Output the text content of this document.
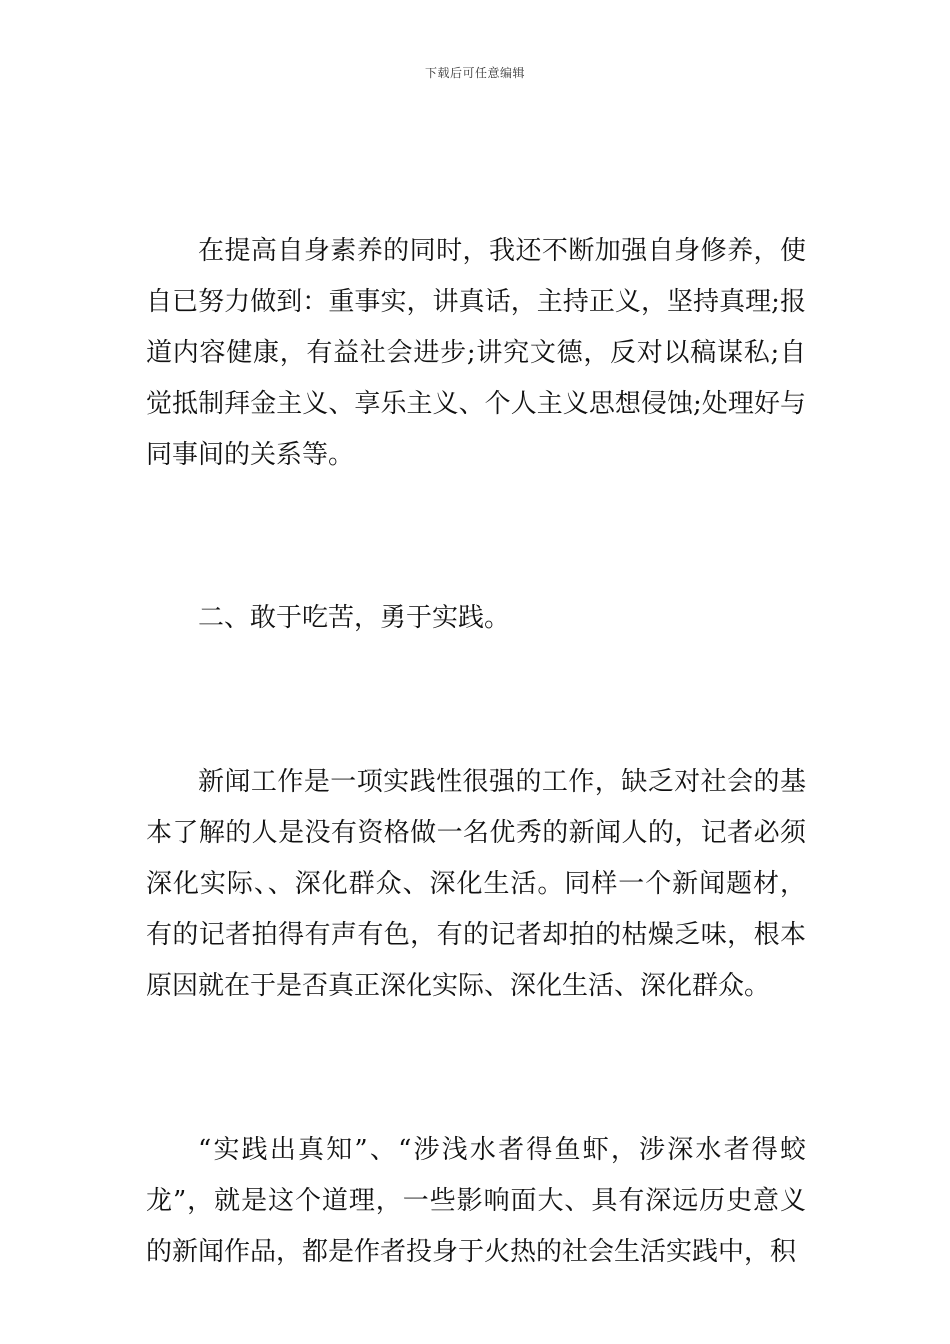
下载后可任意编辑

在提高自身素养的同时，我还不断加强自身修养，使自已努力做到：重事实，讲真话，主持正义，坚持真理;报道内容健康，有益社会进步;讲究文德，反对以稿谋私;自觉抵制拜金主义、享乐主义、个人主义思想侵蚀;处理好与同事间的关系等。

二、敢于吃苦，勇于实践。

新闻工作是一项实践性很强的工作，缺乏对社会的基本了解的人是没有资格做一名优秀的新闻人的，记者必须深化实际、、深化群众、深化生活。同样一个新闻题材，有的记者拍得有声有色，有的记者却拍的枯燥乏味，根本原因就在于是否真正深化实际、深化生活、深化群众。

“实践出真知”、“涉浅水者得鱼虾，涉深水者得蛟龙”，就是这个道理，一些影响面大、具有深远历史意义的新闻作品，都是作者投身于火热的社会生活实践中，积
